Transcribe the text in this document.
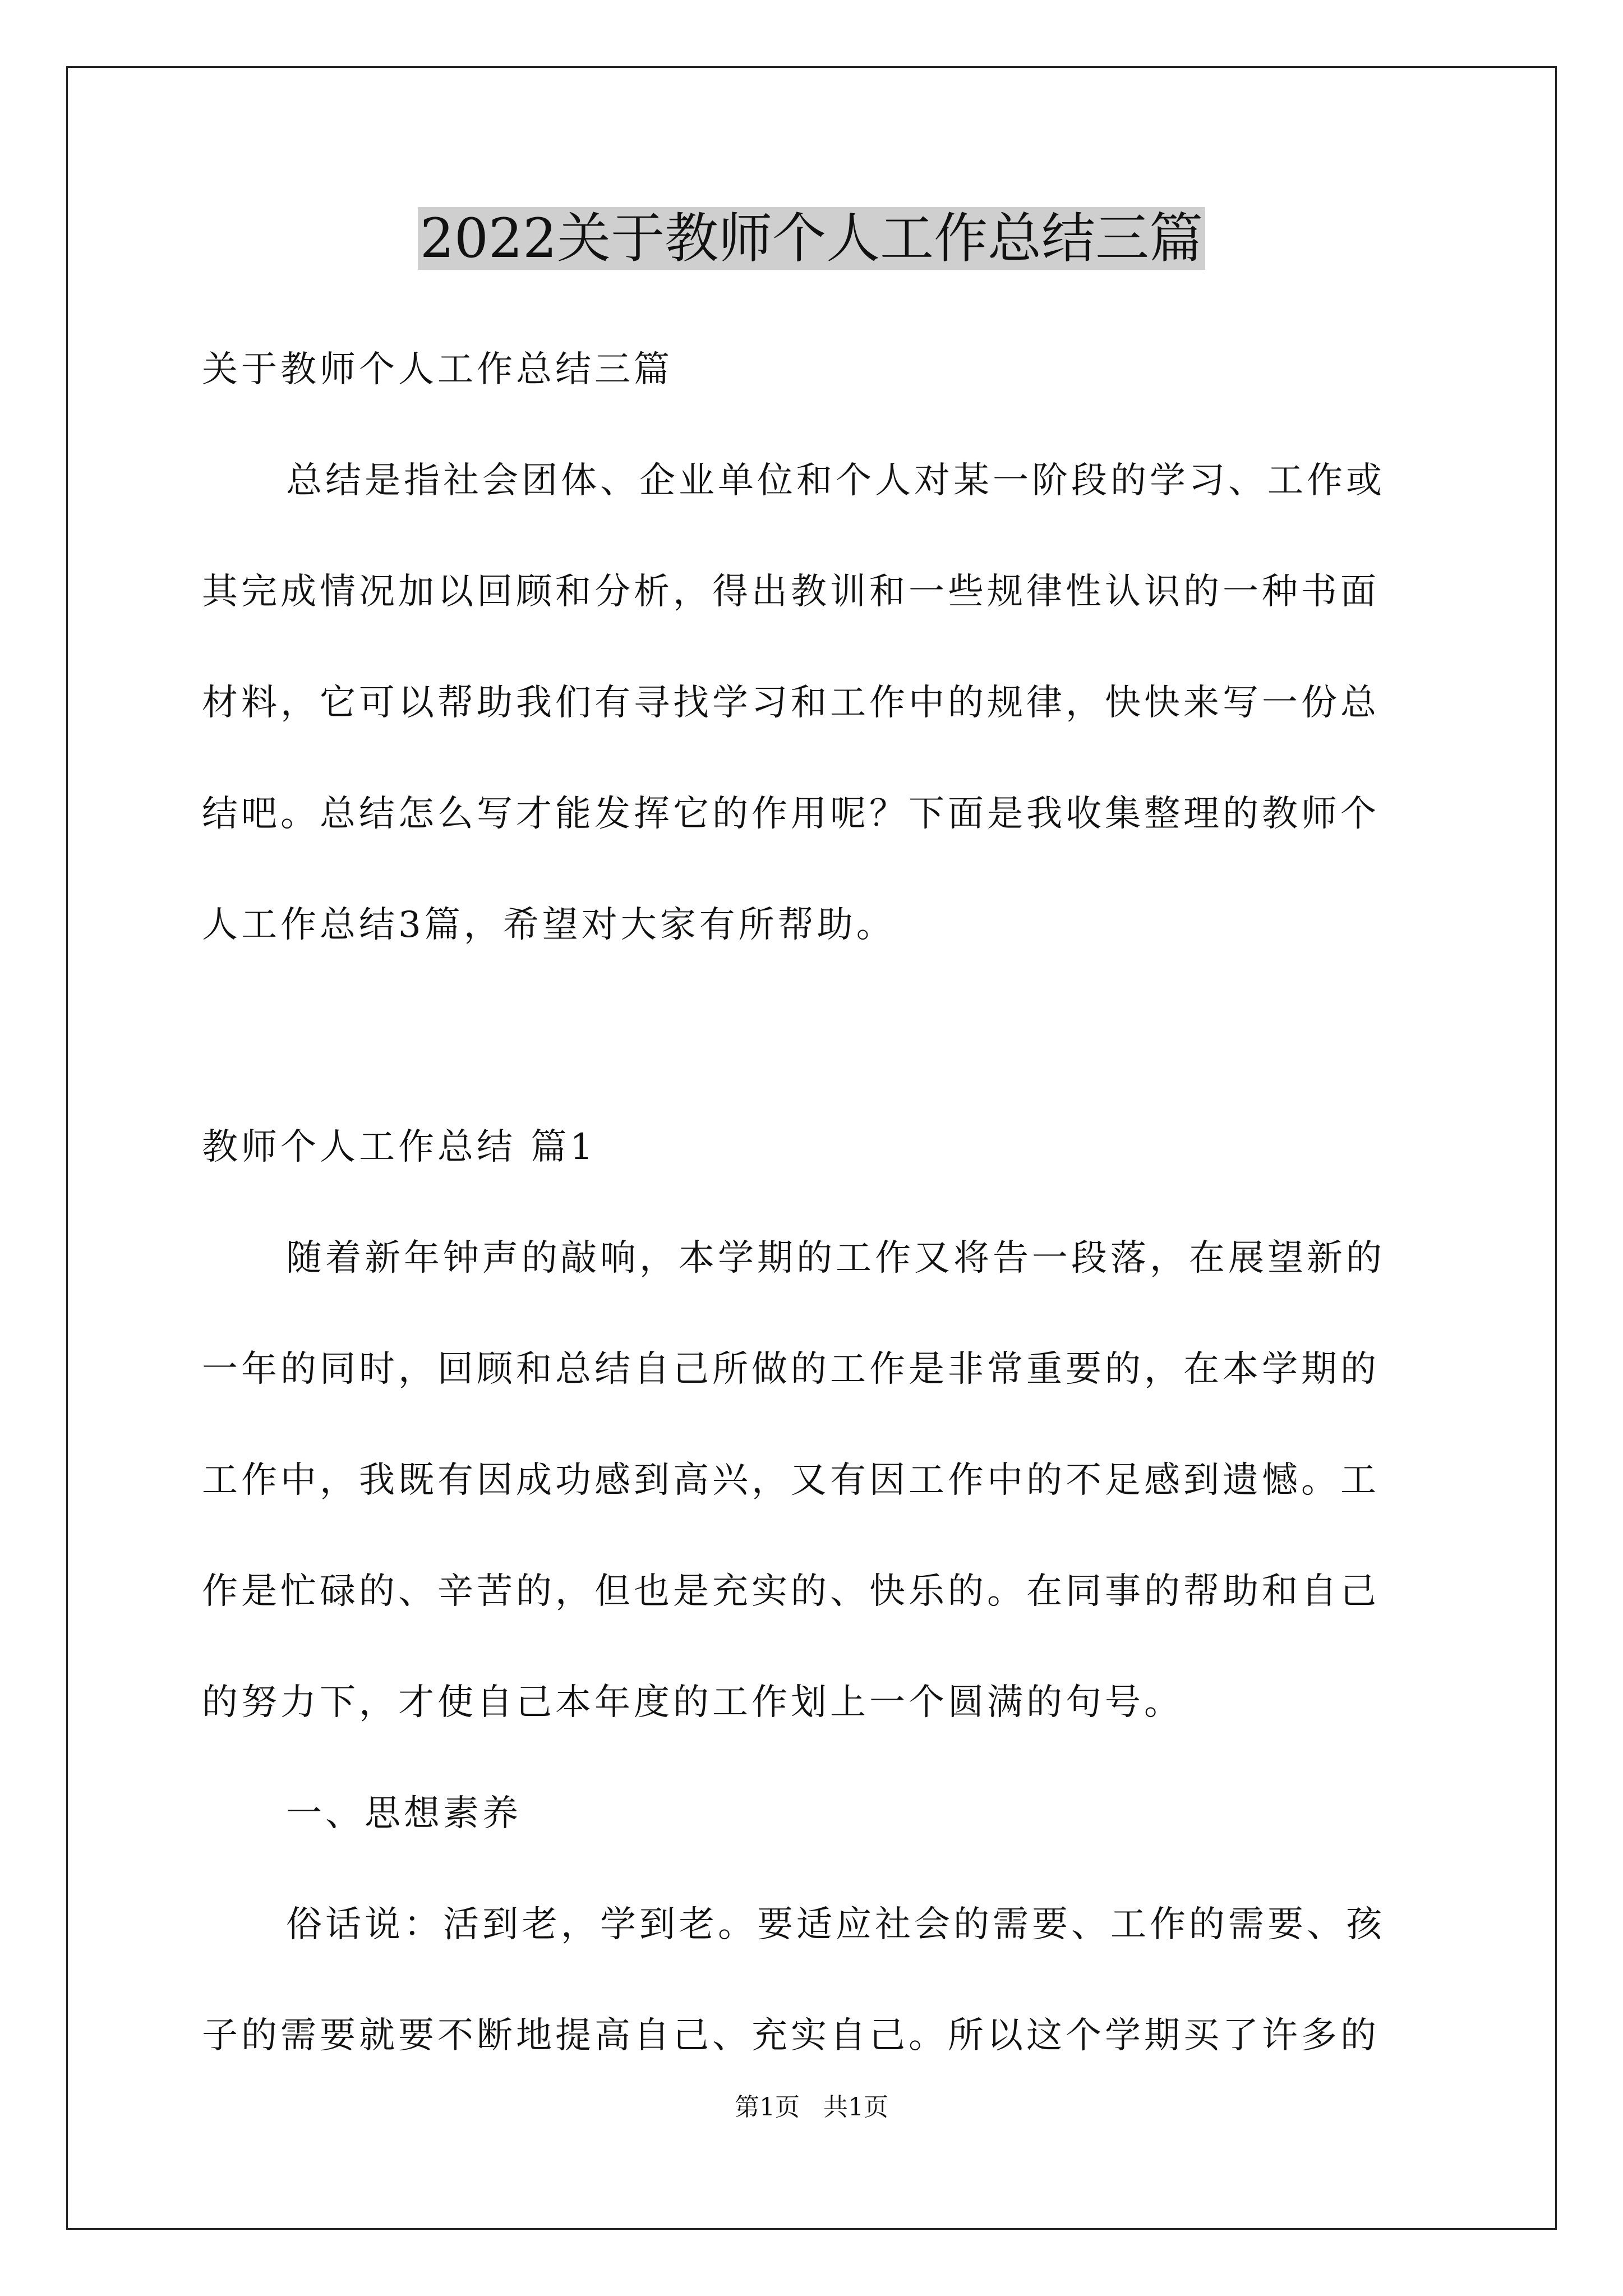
2022关于教师个人工作总结三篇
关于教师个人工作总结三篇
总结是指社会团体、企业单位和个人对某一阶段的学习、工作或
其完成情况加以回顾和分析，得出教训和一些规律性认识的一种书面
材料，它可以帮助我们有寻找学习和工作中的规律，快快来写一份总
结吧。总结怎么写才能发挥它的作用呢？下面是我收集整理的教师个
人工作总结3篇，希望对大家有所帮助。
教师个人工作总结 篇1
随着新年钟声的敲响，本学期的工作又将告一段落，在展望新的
一年的同时，回顾和总结自己所做的工作是非常重要的，在本学期的
工作中，我既有因成功感到高兴，又有因工作中的不足感到遗憾。工
作是忙碌的、辛苦的，但也是充实的、快乐的。在同事的帮助和自己
的努力下，才使自己本年度的工作划上一个圆满的句号。
一、思想素养
俗话说：活到老，学到老。要适应社会的需要、工作的需要、孩
子的需要就要不断地提高自己、充实自己。所以这个学期买了许多的
第1页   共1页
